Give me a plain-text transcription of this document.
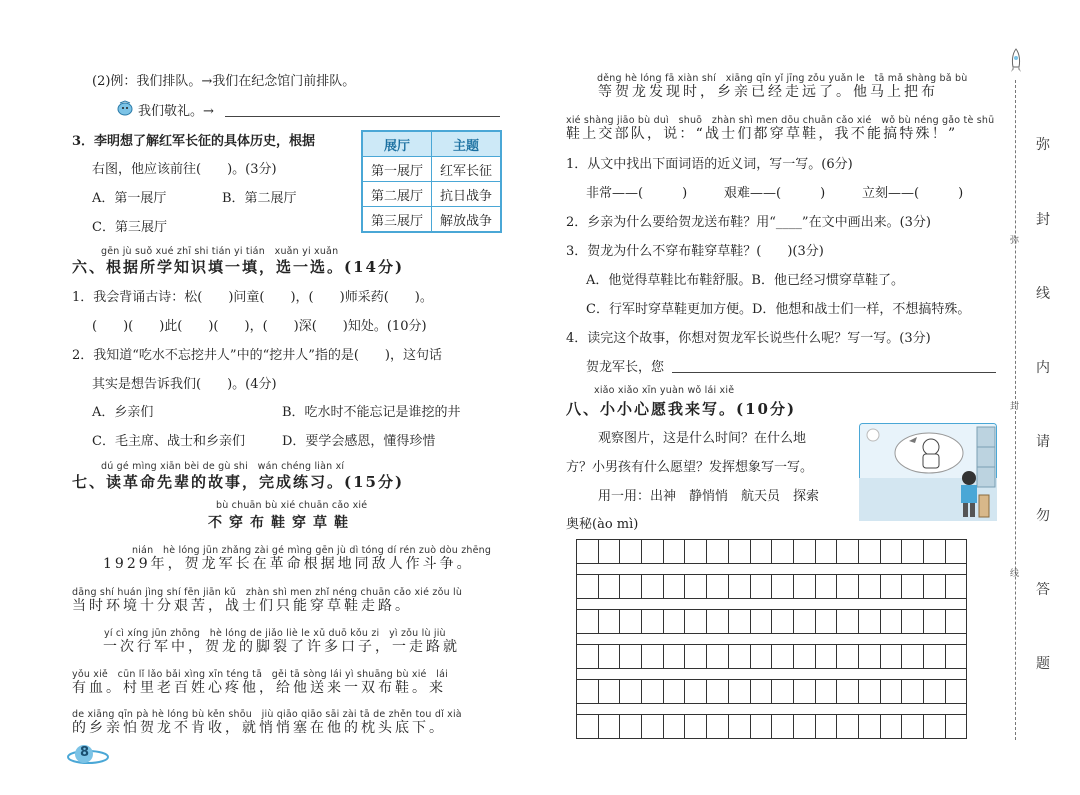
(2)例：我们排队。→我们在纪念馆门前排队。
我们敬礼。→
3．李明想了解红军长征的具体历史，根据
右图，他应该前往(　　)。(3分)
A．第一展厅	B．第二展厅
C．第三展厅
展厅	主题
第一展厅	红军长征
第二展厅	抗日战争
第三展厅	解放战争
gēn jù suǒ xué zhī shi tián yi tián　xuǎn yi xuǎn
六、根据所学知识填一填，选一选。(14分)
1．我会背诵古诗：松(　　)问童(　　)，(　　)师采药(　　)。
(　　)(　　)此(　　)(　　)，(　　)深(　　)知处。(10分)
2．我知道“吃水不忘挖井人”中的“挖井人”指的是(　　)，这句话
其实是想告诉我们(　　)。(4分)
A．乡亲们	B．吃水时不能忘记是谁挖的井
C．毛主席、战士和乡亲们	D．要学会感恩，懂得珍惜
dú gé mìng xiān bèi de gù shi　wán chéng liàn xí
七、读革命先辈的故事，完成练习。(15分)
bù chuān bù xié chuān cǎo xié
不穿布鞋穿草鞋
nián　hè lóng jūn zhǎng zài gé mìng gēn jù dì tóng dí rén zuò dòu zhēng
1929年，贺龙军长在革命根据地同敌人作斗争。
dāng shí huán jìng shí fēn jiān kǔ　zhàn shì men zhǐ néng chuān cǎo xié zǒu lù
当时环境十分艰苦，战士们只能穿草鞋走路。
yí cì xíng jūn zhōng　hè lóng de jiǎo liè le xǔ duō kǒu zi　yì zǒu lù jiù
一次行军中，贺龙的脚裂了许多口子，一走路就
yǒu xiě　cūn lǐ lǎo bǎi xìng xīn téng tā　gěi tā sòng lái yì shuāng bù xié　lái
有血。村里老百姓心疼他，给他送来一双布鞋。来
de xiāng qīn pà hè lóng bù kěn shōu　jiù qiāo qiāo sāi zài tā de zhěn tou dǐ xià
的乡亲怕贺龙不肯收，就悄悄塞在他的枕头底下。
8
děng hè lóng fā xiàn shí　xiāng qīn yǐ jīng zǒu yuǎn le　tā mǎ shàng bǎ bù
等贺龙发现时，乡亲已经走远了。他马上把布
xié shàng jiāo bù duì　shuō　zhàn shì men dōu chuān cǎo xié　wǒ bù néng gǎo tè shū
鞋上交部队，说：“战士们都穿草鞋，我不能搞特殊！”
1．从文中找出下面词语的近义词，写一写。(6分)
非常——(　　　)	艰难——(　　　)	立刻——(　　　)
2．乡亲为什么要给贺龙送布鞋？用“____”在文中画出来。(3分)
3．贺龙为什么不穿布鞋穿草鞋？(　　)(3分)
A．他觉得草鞋比布鞋舒服。B．他已经习惯穿草鞋了。
C．行军时穿草鞋更加方便。D．他想和战士们一样，不想搞特殊。
4．读完这个故事，你想对贺龙军长说些什么呢？写一写。(3分)
贺龙军长，您
xiǎo xiǎo xīn yuàn wǒ lái xiě
八、小小心愿我来写。(10分)
观察图片，这是什么时间？在什么地
方？小男孩有什么愿望？发挥想象写一写。
用一用：出神　静悄悄　航天员　探索
奥秘(ào mì)
弥
封
线
弥
封
线
内
请
勿
答
题
